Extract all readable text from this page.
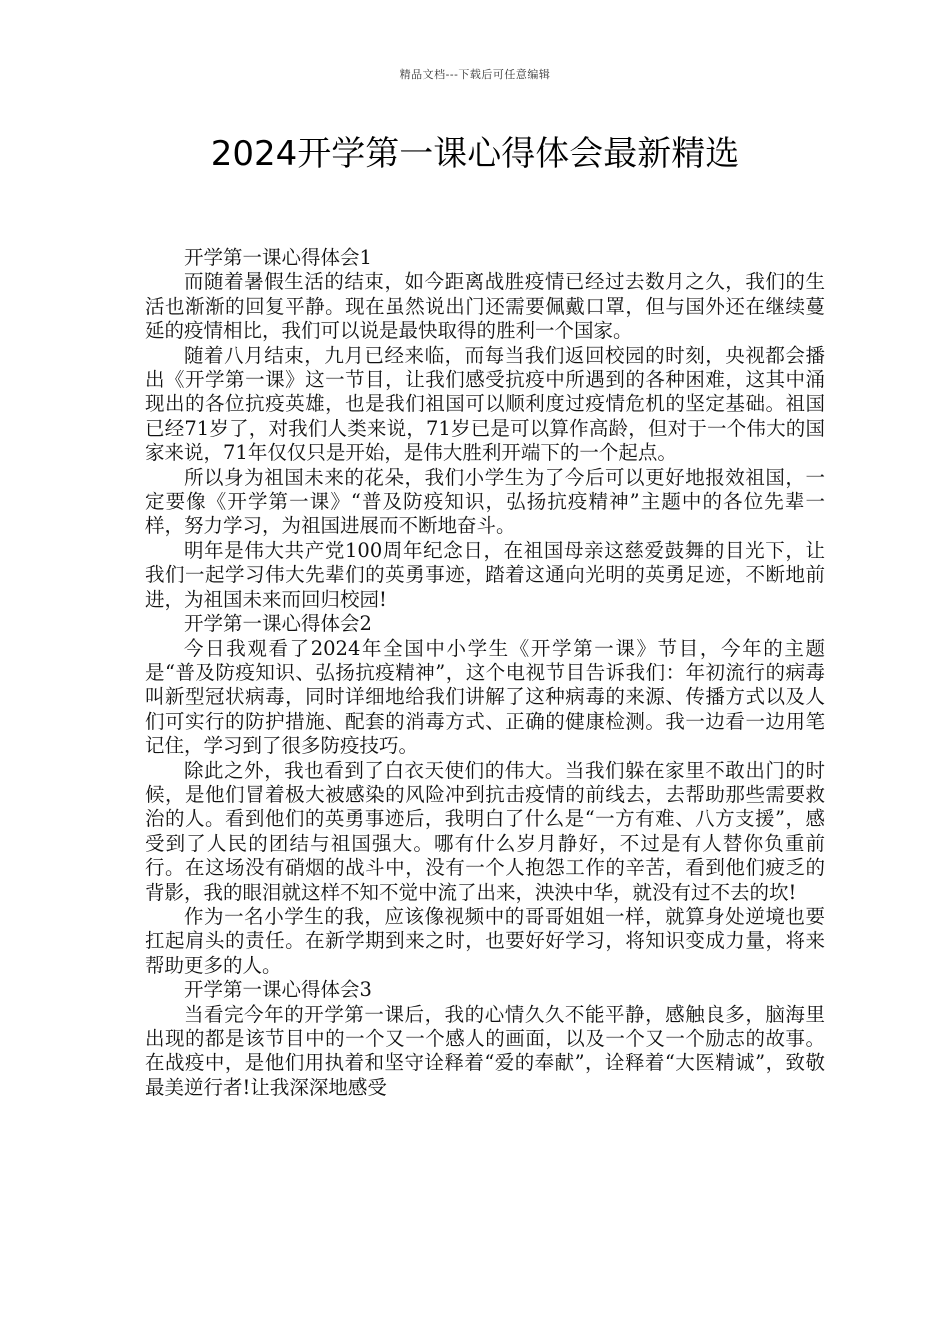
精品文档---下载后可任意编辑
2024开学第一课心得体会最新精选

开学第一课心得体会1

而随着暑假生活的结束，如今距离战胜疫情已经过去数月之久，我们的生活也渐渐的回复平静。现在虽然说出门还需要佩戴口罩，但与国外还在继续蔓延的疫情相比，我们可以说是最快取得的胜利一个国家。

随着八月结束，九月已经来临，而每当我们返回校园的时刻，央视都会播出《开学第一课》这一节目，让我们感受抗疫中所遇到的各种困难，这其中涌现出的各位抗疫英雄，也是我们祖国可以顺利度过疫情危机的坚定基础。祖国已经71岁了，对我们人类来说，71岁已是可以算作高龄，但对于一个伟大的国家来说，71年仅仅只是开始，是伟大胜利开端下的一个起点。

所以身为祖国未来的花朵，我们小学生为了今后可以更好地报效祖国，一定要像《开学第一课》“普及防疫知识，弘扬抗疫精神”主题中的各位先辈一样，努力学习，为祖国进展而不断地奋斗。

明年是伟大共产党100周年纪念日，在祖国母亲这慈爱鼓舞的目光下，让我们一起学习伟大先辈们的英勇事迹，踏着这通向光明的英勇足迹，不断地前进，为祖国未来而回归校园!

开学第一课心得体会2

今日我观看了2024年全国中小学生《开学第一课》节目，今年的主题是“普及防疫知识、弘扬抗疫精神”，这个电视节目告诉我们：年初流行的病毒叫新型冠状病毒，同时详细地给我们讲解了这种病毒的来源、传播方式以及人们可实行的防护措施、配套的消毒方式、正确的健康检测。我一边看一边用笔记住，学习到了很多防疫技巧。

除此之外，我也看到了白衣天使们的伟大。当我们躲在家里不敢出门的时候，是他们冒着极大被感染的风险冲到抗击疫情的前线去，去帮助那些需要救治的人。看到他们的英勇事迹后，我明白了什么是“一方有难、八方支援”，感受到了人民的团结与祖国强大。哪有什么岁月静好，不过是有人替你负重前行。在这场没有硝烟的战斗中，没有一个人抱怨工作的辛苦，看到他们疲乏的背影，我的眼泪就这样不知不觉中流了出来，泱泱中华，就没有过不去的坎!

作为一名小学生的我，应该像视频中的哥哥姐姐一样，就算身处逆境也要扛起肩头的责任。在新学期到来之时，也要好好学习，将知识变成力量，将来帮助更多的人。

开学第一课心得体会3

当看完今年的开学第一课后，我的心情久久不能平静，感触良多，脑海里出现的都是该节目中的一个又一个感人的画面，以及一个又一个励志的故事。在战疫中，是他们用执着和坚守诠释着“爱的奉献”，诠释着“大医精诚”，致敬最美逆行者!让我深深地感受
